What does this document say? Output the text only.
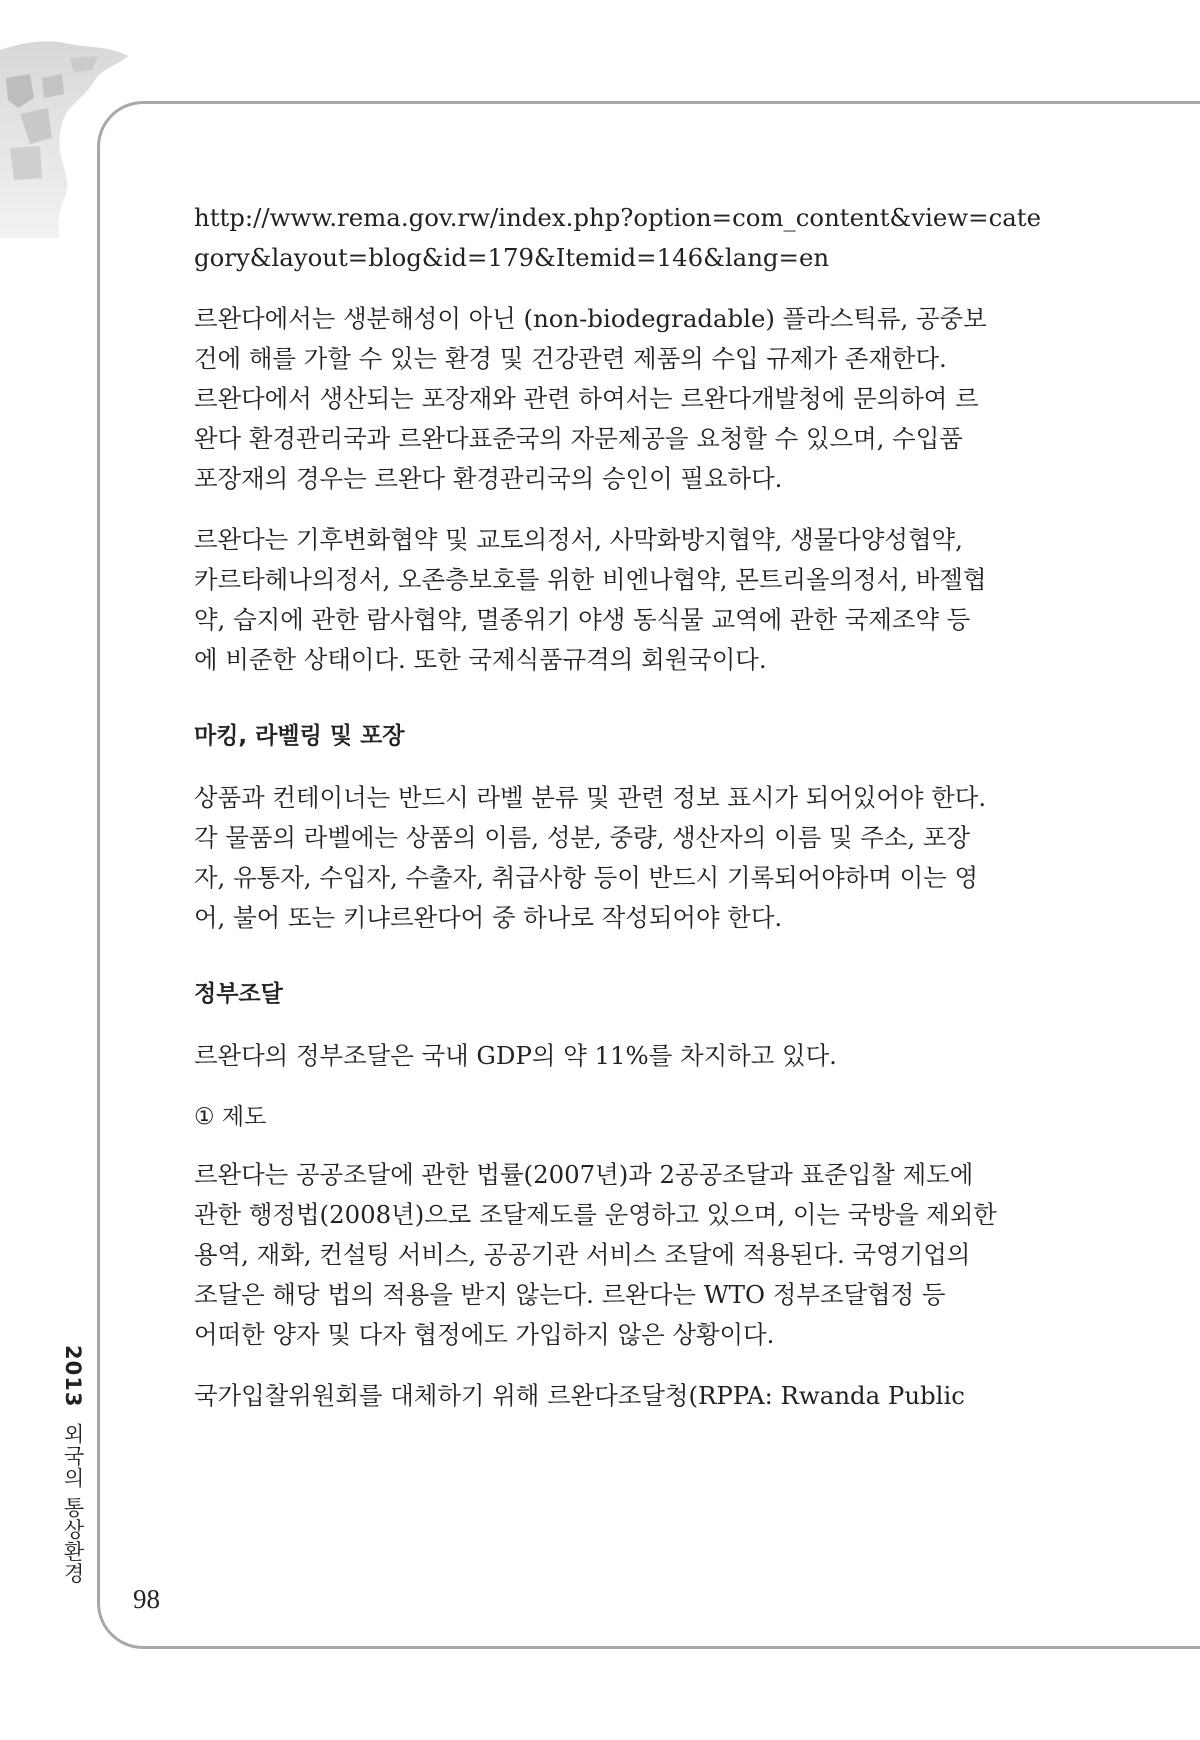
2013 외국의 통상환경
98

http://www.rema.gov.rw/index.php?option=com_content&view=cate
gory&layout=blog&id=179&Itemid=146&lang=en

르완다에서는 생분해성이 아닌 (non-biodegradable) 플라스틱류, 공중보
건에 해를 가할 수 있는 환경 및 건강관련 제품의 수입 규제가 존재한다.
르완다에서 생산되는 포장재와 관련 하여서는 르완다개발청에 문의하여 르
완다 환경관리국과 르완다표준국의 자문제공을 요청할 수 있으며, 수입품
포장재의 경우는 르완다 환경관리국의 승인이 필요하다.

르완다는 기후변화협약 및 교토의정서, 사막화방지협약, 생물다양성협약,
카르타헤나의정서, 오존층보호를 위한 비엔나협약, 몬트리올의정서, 바젤협
약, 습지에 관한 람사협약, 멸종위기 야생 동식물 교역에 관한 국제조약 등
에 비준한 상태이다. 또한 국제식품규격의 회원국이다.

마킹, 라벨링 및 포장

상품과 컨테이너는 반드시 라벨 분류 및 관련 정보 표시가 되어있어야 한다.
각 물품의 라벨에는 상품의 이름, 성분, 중량, 생산자의 이름 및 주소, 포장
자, 유통자, 수입자, 수출자, 취급사항 등이 반드시 기록되어야하며 이는 영
어, 불어 또는 키냐르완다어 중 하나로 작성되어야 한다.

정부조달

르완다의 정부조달은 국내 GDP의 약 11%를 차지하고 있다.

① 제도

르완다는 공공조달에 관한 법률(2007년)과 2공공조달과 표준입찰 제도에
관한 행정법(2008년)으로 조달제도를 운영하고 있으며, 이는 국방을 제외한
용역, 재화, 컨설팅 서비스, 공공기관 서비스 조달에 적용된다. 국영기업의
조달은 해당 법의 적용을 받지 않는다. 르완다는 WTO 정부조달협정 등
어떠한 양자 및 다자 협정에도 가입하지 않은 상황이다.

국가입찰위원회를 대체하기 위해 르완다조달청(RPPA: Rwanda Public
